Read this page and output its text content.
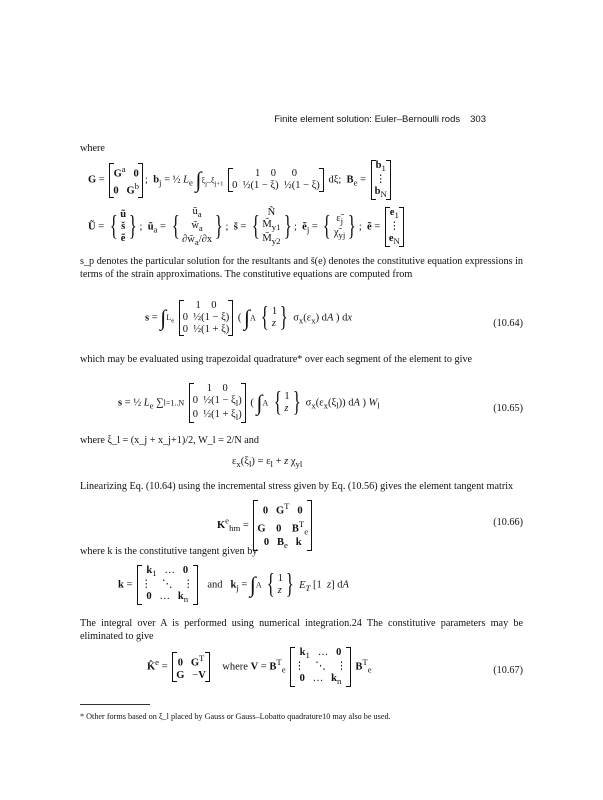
Finite element solution: Euler–Bernoulli rods 303
where
G =
$G^a$ 0
0 $G^b$
;  $b_j$ = ½ $L_e$ $\int\xi_j..\xi_{j+1}$
1    0      0
0  ½(1 − ξ)  ½(1 − ξ)
dξ;  $B_e$ =
$b_1$
⋮
$b_N$
Ũ = { ũ
š
ẽ } ;  $ũ_a$ = {	$ũ_a$
$w̃_a$
$\partial w̃_a/\partial x$ } ;  š = { Ñ
$M̃_{y1}$
$M̃_{y2}$ } ;  ẽ$_j$ = { $\varepsiloñ_j$
$\chĩ_{yj}$ } ;  ẽ =
$e_1$
⋮
$e_N$
s_p denotes the particular solution for the resultants and š(e) denotes the constitutive equation expressions in terms of the strain approximations. The constitutive equations are computed from
$s = \int L_e$
1    0
0  ½(1 − ξ)
0  ½(1 + ξ)
( ∫A { 1
z } $\sigma_x(\varepsilon_x)$ dA ) dx
(10.64)
which may be evaluated using trapezoidal quadrature* over each segment of the element to give
s = ½ $L_e$ ∑l=1..N
1    0
0  ½(1 − $\xi_l$)
0  ½(1 + $\xi_l$)
( ∫A { 1
z } $\sigma_x(\varepsilon_x(\xi_l))$ dA ) $W_l$	(10.65)
where ξ_l = (x_j + x_j+1)/2, W_l = 2/N and
$\varepsilon_x(\xi_l) = \varepsilon_l + z$ $\chi_{yl}$
Linearizing Eq. (10.64) using the incremental stress given by Eq. (10.56) gives the element tangent matrix
$K^e_{hm}$ =
0 $G^T$ 0
G 0 $B^T_e$
0 $B_e$ k
(10.66)
where k is the constitutive tangent given by
k =
$k_1$   …   0
⋮    ⋱    ⋮
0   …   $k_n$
and $k_j = \int A$ { 1
z } $E_T$ [1  z] dA
The integral over A is performed using numerical integration.24 The constitutive parameters may be eliminated to give
K̂$^e$ = 0 $G^T$
G   −V
where $V = B^T_e$
$k_1$   …   0
⋮    ⋱    ⋮
0   …   $k_n$
$B^T_e$	(10.67)
* Other forms based on ξ_l placed by Gauss or Gauss–Lobatto quadrature10 may also be used.
